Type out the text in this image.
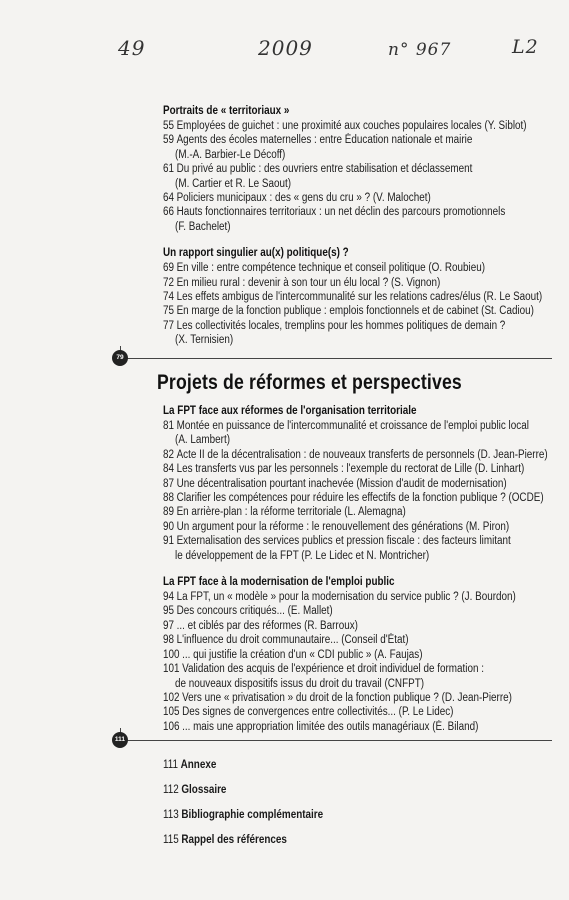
49	2009	n° 967	L2
Portraits de « territoriaux »
55 Employées de guichet : une proximité aux couches populaires locales (Y. Siblot)
59 Agents des écoles maternelles : entre Éducation nationale et mairie
(M.-A. Barbier-Le Décoff)
61 Du privé au public : des ouvriers entre stabilisation et déclassement
(M. Cartier et R. Le Saout)
64 Policiers municipaux : des « gens du cru » ? (V. Malochet)
66 Hauts fonctionnaires territoriaux : un net déclin des parcours promotionnels
(F. Bachelet)
Un rapport singulier au(x) politique(s) ?
69 En ville : entre compétence technique et conseil politique (O. Roubieu)
72 En milieu rural : devenir à son tour un élu local ? (S. Vignon)
74 Les effets ambigus de l'intercommunalité sur les relations cadres/élus (R. Le Saout)
75 En marge de la fonction publique : emplois fonctionnels et de cabinet (St. Cadiou)
77 Les collectivités locales, tremplins pour les hommes politiques de demain ?
(X. Ternisien)
79
Projets de réformes et perspectives
La FPT face aux réformes de l'organisation territoriale
81 Montée en puissance de l'intercommunalité et croissance de l'emploi public local
(A. Lambert)
82 Acte II de la décentralisation : de nouveaux transferts de personnels (D. Jean-Pierre)
84 Les transferts vus par les personnels : l'exemple du rectorat de Lille (D. Linhart)
87 Une décentralisation pourtant inachevée (Mission d'audit de modernisation)
88 Clarifier les compétences pour réduire les effectifs de la fonction publique ? (OCDE)
89 En arrière-plan : la réforme territoriale (L. Alemagna)
90 Un argument pour la réforme : le renouvellement des générations (M. Piron)
91 Externalisation des services publics et pression fiscale : des facteurs limitant
le développement de la FPT (P. Le Lidec et N. Montricher)
La FPT face à la modernisation de l'emploi public
94 La FPT, un « modèle » pour la modernisation du service public ? (J. Bourdon)
95 Des concours critiqués... (E. Mallet)
97 ... et ciblés par des réformes (R. Barroux)
98 L'influence du droit communautaire... (Conseil d'État)
100 ... qui justifie la création d'un « CDI public » (A. Faujas)
101 Validation des acquis de l'expérience et droit individuel de formation :
de nouveaux dispositifs issus du droit du travail (CNFPT)
102 Vers une « privatisation » du droit de la fonction publique ? (D. Jean-Pierre)
105 Des signes de convergences entre collectivités... (P. Le Lidec)
106 ... mais une appropriation limitée des outils managériaux (É. Biland)
111
111 Annexe
112 Glossaire
113 Bibliographie complémentaire
115 Rappel des références
